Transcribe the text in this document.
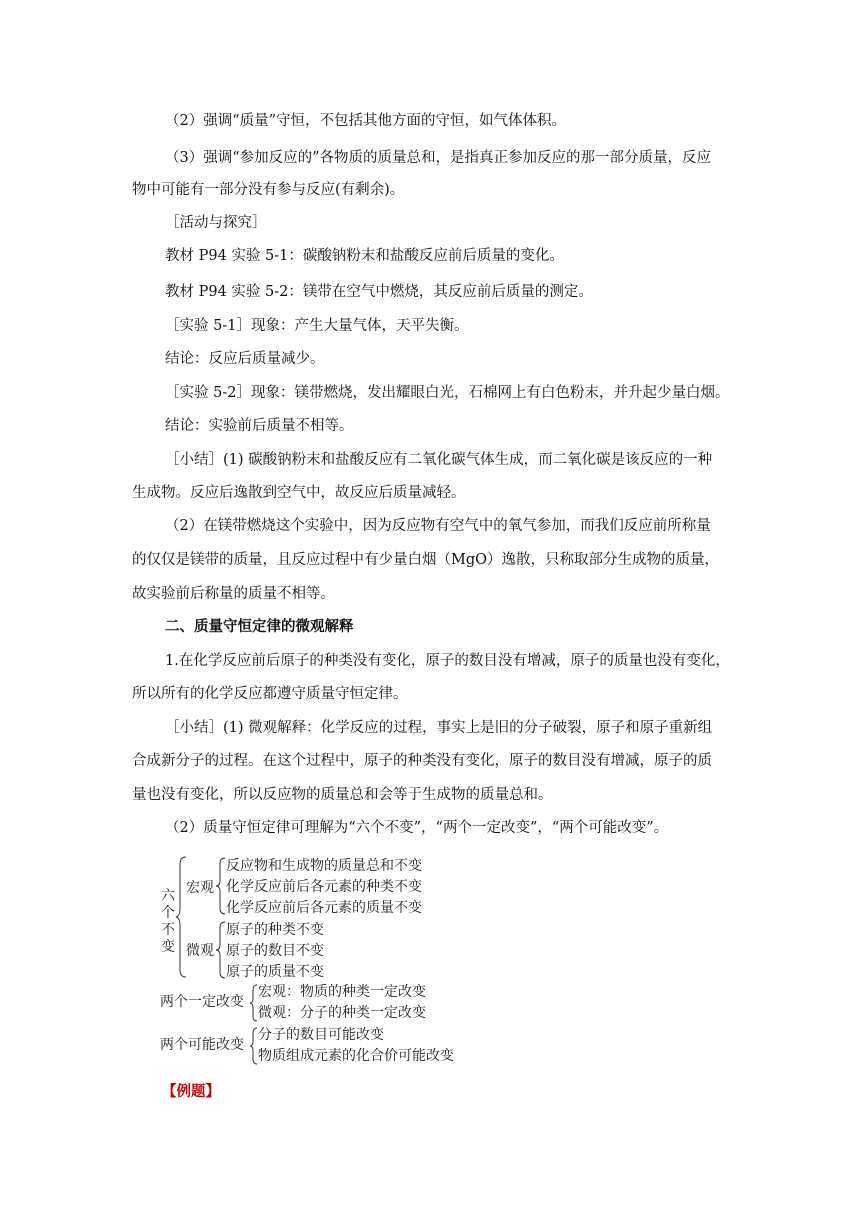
（2）强调“质量”守恒，不包括其他方面的守恒，如气体体积。
（3）强调“参加反应的”各物质的质量总和，是指真正参加反应的那一部分质量，反应
物中可能有一部分没有参与反应(有剩余)。
［活动与探究］
教材 P94 实验 5-1：碳酸钠粉末和盐酸反应前后质量的变化。
教材 P94 实验 5-2：镁带在空气中燃烧，其反应前后质量的测定。
［实验 5-1］现象：产生大量气体，天平失衡。
结论：反应后质量减少。
［实验 5-2］现象：镁带燃烧，发出耀眼白光，石棉网上有白色粉末，并升起少量白烟。
结论：实验前后质量不相等。
［小结］(1) 碳酸钠粉末和盐酸反应有二氧化碳气体生成，而二氧化碳是该反应的一种
生成物。反应后逸散到空气中，故反应后质量减轻。
（2）在镁带燃烧这个实验中，因为反应物有空气中的氧气参加，而我们反应前所称量
的仅仅是镁带的质量，且反应过程中有少量白烟（MgO）逸散，只称取部分生成物的质量，
故实验前后称量的质量不相等。
二、质量守恒定律的微观解释
1.在化学反应前后原子的种类没有变化，原子的数目没有增减，原子的质量也没有变化，
所以所有的化学反应都遵守质量守恒定律。
［小结］(1) 微观解释：化学反应的过程，事实上是旧的分子破裂，原子和原子重新组
合成新分子的过程。在这个过程中，原子的种类没有变化，原子的数目没有增减，原子的质
量也没有变化，所以反应物的质量总和会等于生成物的质量总和。
（2）质量守恒定律可理解为“六个不变”，“两个一定改变”，“两个可能改变”。
六
个
不
变
宏观
反应物和生成物的质量总和不变
化学反应前后各元素的种类不变
化学反应前后各元素的质量不变
微观
原子的种类不变
原子的数目不变
原子的质量不变
两个一定改变
宏观：物质的种类一定改变
微观：分子的种类一定改变
两个可能改变
分子的数目可能改变
物质组成元素的化合价可能改变
【例题】
